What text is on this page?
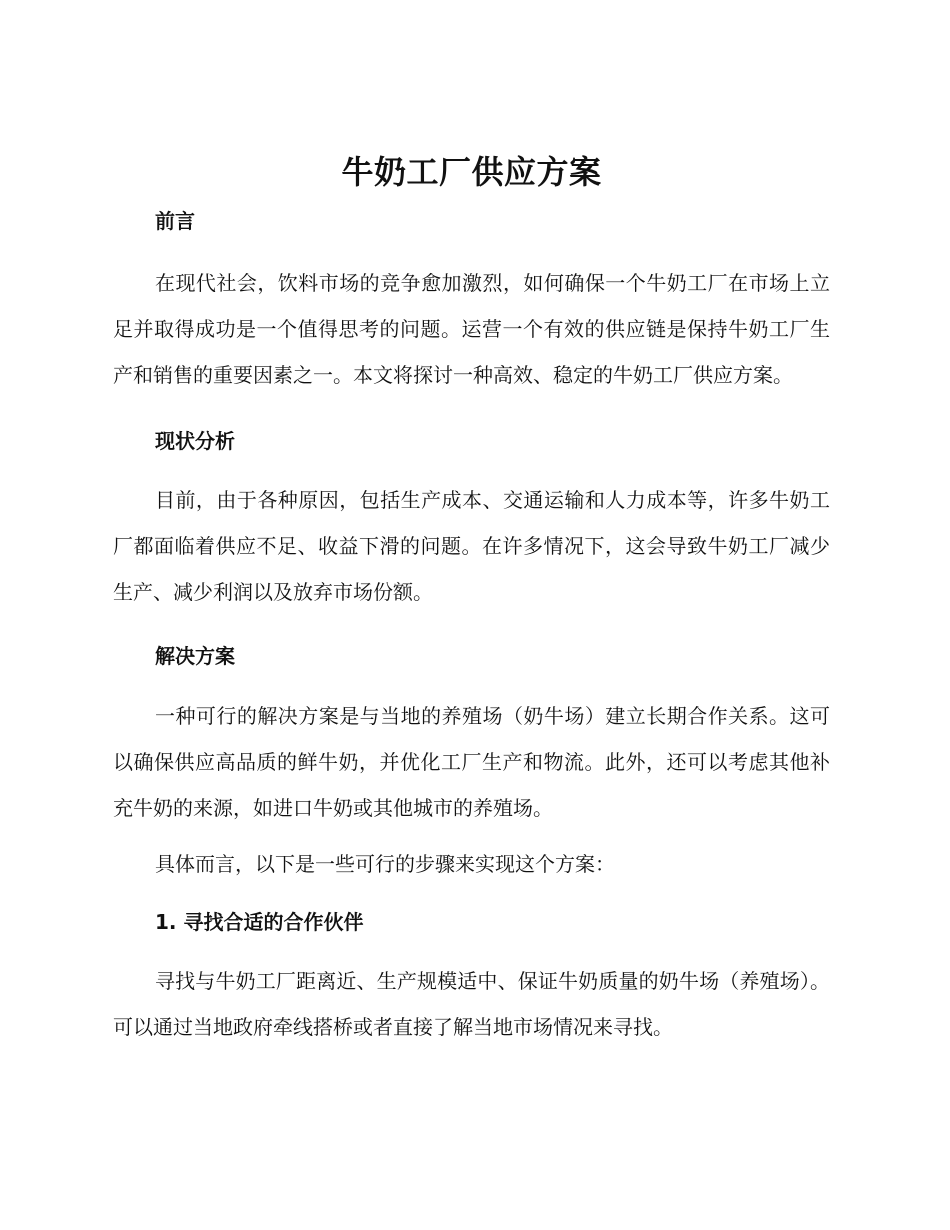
牛奶工厂供应方案
前言

在现代社会，饮料市场的竞争愈加激烈，如何确保一个牛奶工厂在市场上立足并取得成功是一个值得思考的问题。运营一个有效的供应链是保持牛奶工厂生产和销售的重要因素之一。本文将探讨一种高效、稳定的牛奶工厂供应方案。

现状分析

目前，由于各种原因，包括生产成本、交通运输和人力成本等，许多牛奶工厂都面临着供应不足、收益下滑的问题。在许多情况下，这会导致牛奶工厂减少生产、减少利润以及放弃市场份额。

解决方案

一种可行的解决方案是与当地的养殖场（奶牛场）建立长期合作关系。这可以确保供应高品质的鲜牛奶，并优化工厂生产和物流。此外，还可以考虑其他补充牛奶的来源，如进口牛奶或其他城市的养殖场。

具体而言，以下是一些可行的步骤来实现这个方案：

1. 寻找合适的合作伙伴

寻找与牛奶工厂距离近、生产规模适中、保证牛奶质量的奶牛场（养殖场）。可以通过当地政府牵线搭桥或者直接了解当地市场情况来寻找。
